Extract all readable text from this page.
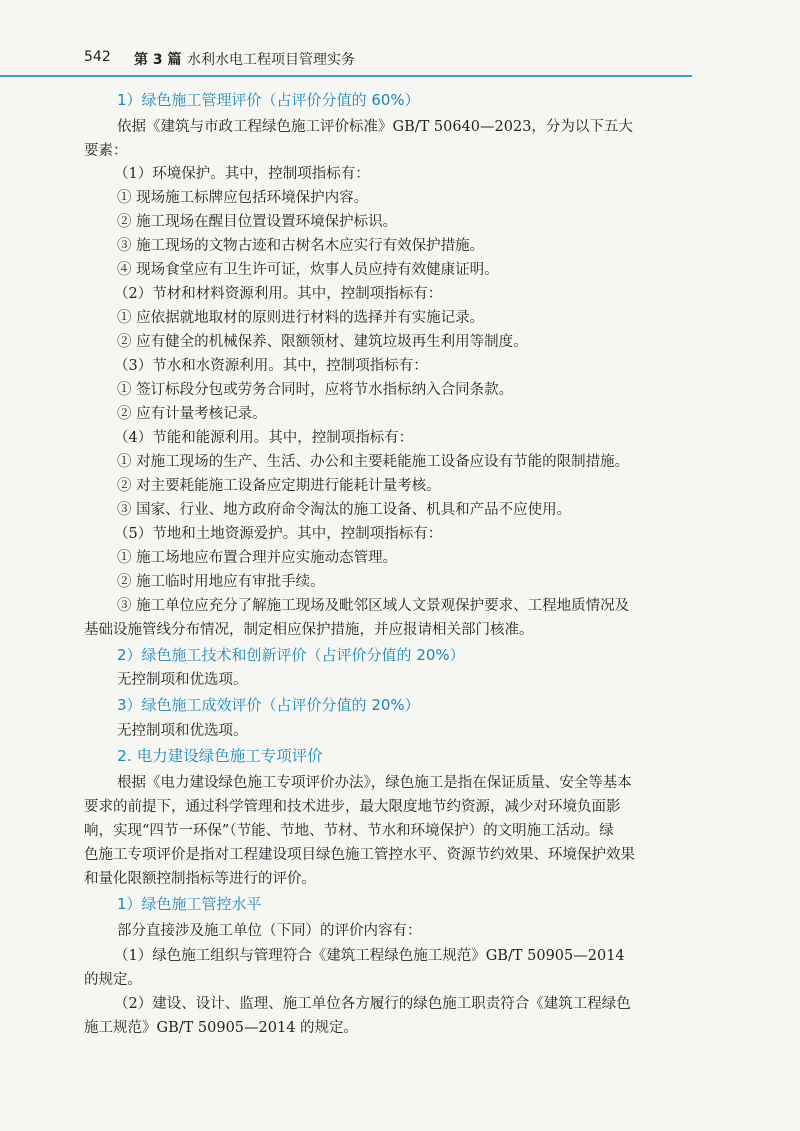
542 第 3 篇 水利水电工程项目管理实务
1）绿色施工管理评价（占评价分值的 60%）
依据《建筑与市政工程绿色施工评价标准》GB/T 50640—2023，分为以下五大
要素：
（1）环境保护。其中，控制项指标有：
① 现场施工标牌应包括环境保护内容。
② 施工现场在醒目位置设置环境保护标识。
③ 施工现场的文物古迹和古树名木应实行有效保护措施。
④ 现场食堂应有卫生许可证，炊事人员应持有效健康证明。
（2）节材和材料资源利用。其中，控制项指标有：
① 应依据就地取材的原则进行材料的选择并有实施记录。
② 应有健全的机械保养、限额领材、建筑垃圾再生利用等制度。
（3）节水和水资源利用。其中，控制项指标有：
① 签订标段分包或劳务合同时，应将节水指标纳入合同条款。
② 应有计量考核记录。
（4）节能和能源利用。其中，控制项指标有：
① 对施工现场的生产、生活、办公和主要耗能施工设备应设有节能的限制措施。
② 对主要耗能施工设备应定期进行能耗计量考核。
③ 国家、行业、地方政府命令淘汰的施工设备、机具和产品不应使用。
（5）节地和土地资源爱护。其中，控制项指标有：
① 施工场地应布置合理并应实施动态管理。
② 施工临时用地应有审批手续。
③ 施工单位应充分了解施工现场及毗邻区域人文景观保护要求、工程地质情况及
基础设施管线分布情况，制定相应保护措施，并应报请相关部门核准。
2）绿色施工技术和创新评价（占评价分值的 20%）
无控制项和优选项。
3）绿色施工成效评价（占评价分值的 20%）
无控制项和优选项。
2. 电力建设绿色施工专项评价
根据《电力建设绿色施工专项评价办法》，绿色施工是指在保证质量、安全等基本
要求的前提下，通过科学管理和技术进步，最大限度地节约资源，减少对环境负面影
响，实现“四节一环保”（节能、节地、节材、节水和环境保护）的文明施工活动。绿
色施工专项评价是指对工程建设项目绿色施工管控水平、资源节约效果、环境保护效果
和量化限额控制指标等进行的评价。
1）绿色施工管控水平
部分直接涉及施工单位（下同）的评价内容有：
（1）绿色施工组织与管理符合《建筑工程绿色施工规范》GB/T 50905—2014
的规定。
（2）建设、设计、监理、施工单位各方履行的绿色施工职责符合《建筑工程绿色
施工规范》GB/T 50905—2014 的规定。
